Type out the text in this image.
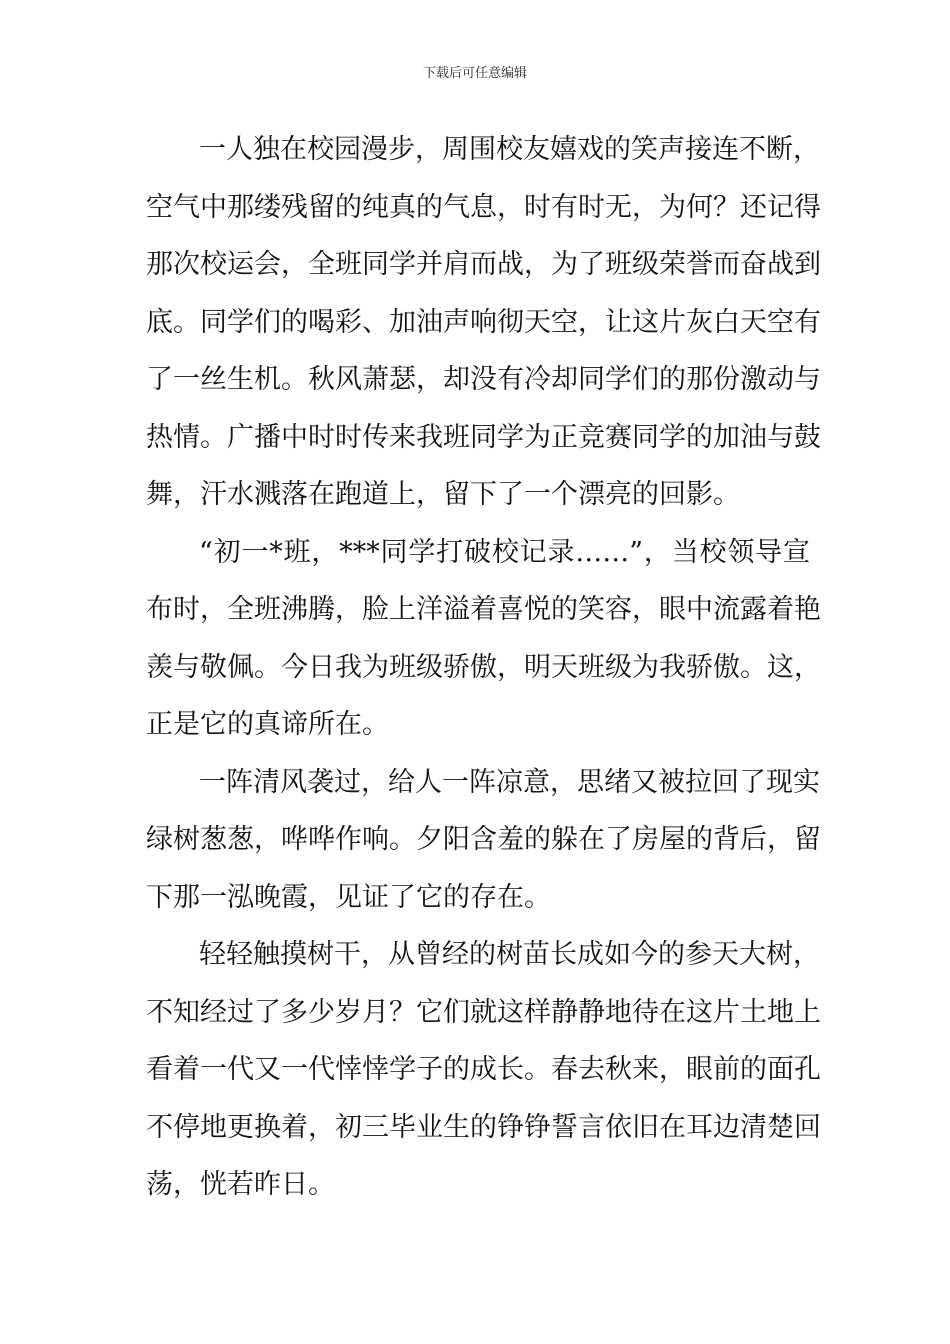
下载后可任意编辑
一人独在校园漫步，周围校友嬉戏的笑声接连不断，
空气中那缕残留的纯真的气息，时有时无，为何？还记得
那次校运会，全班同学并肩而战，为了班级荣誉而奋战到
底。同学们的喝彩、加油声响彻天空，让这片灰白天空有
了一丝生机。秋风萧瑟，却没有冷却同学们的那份激动与
热情。广播中时时传来我班同学为正竞赛同学的加油与鼓
舞，汗水溅落在跑道上，留下了一个漂亮的回影。
“初一*班，***同学打破校记录……”，当校领导宣
布时，全班沸腾，脸上洋溢着喜悦的笑容，眼中流露着艳
羡与敬佩。今日我为班级骄傲，明天班级为我骄傲。这，
正是它的真谛所在。
一阵清风袭过，给人一阵凉意，思绪又被拉回了现实
绿树葱葱，哗哗作响。夕阳含羞的躲在了房屋的背后，留
下那一泓晚霞，见证了它的存在。
轻轻触摸树干，从曾经的树苗长成如今的参天大树，
不知经过了多少岁月？它们就这样静静地待在这片土地上
看着一代又一代悻悻学子的成长。春去秋来，眼前的面孔
不停地更换着，初三毕业生的铮铮誓言依旧在耳边清楚回
荡，恍若昨日。
